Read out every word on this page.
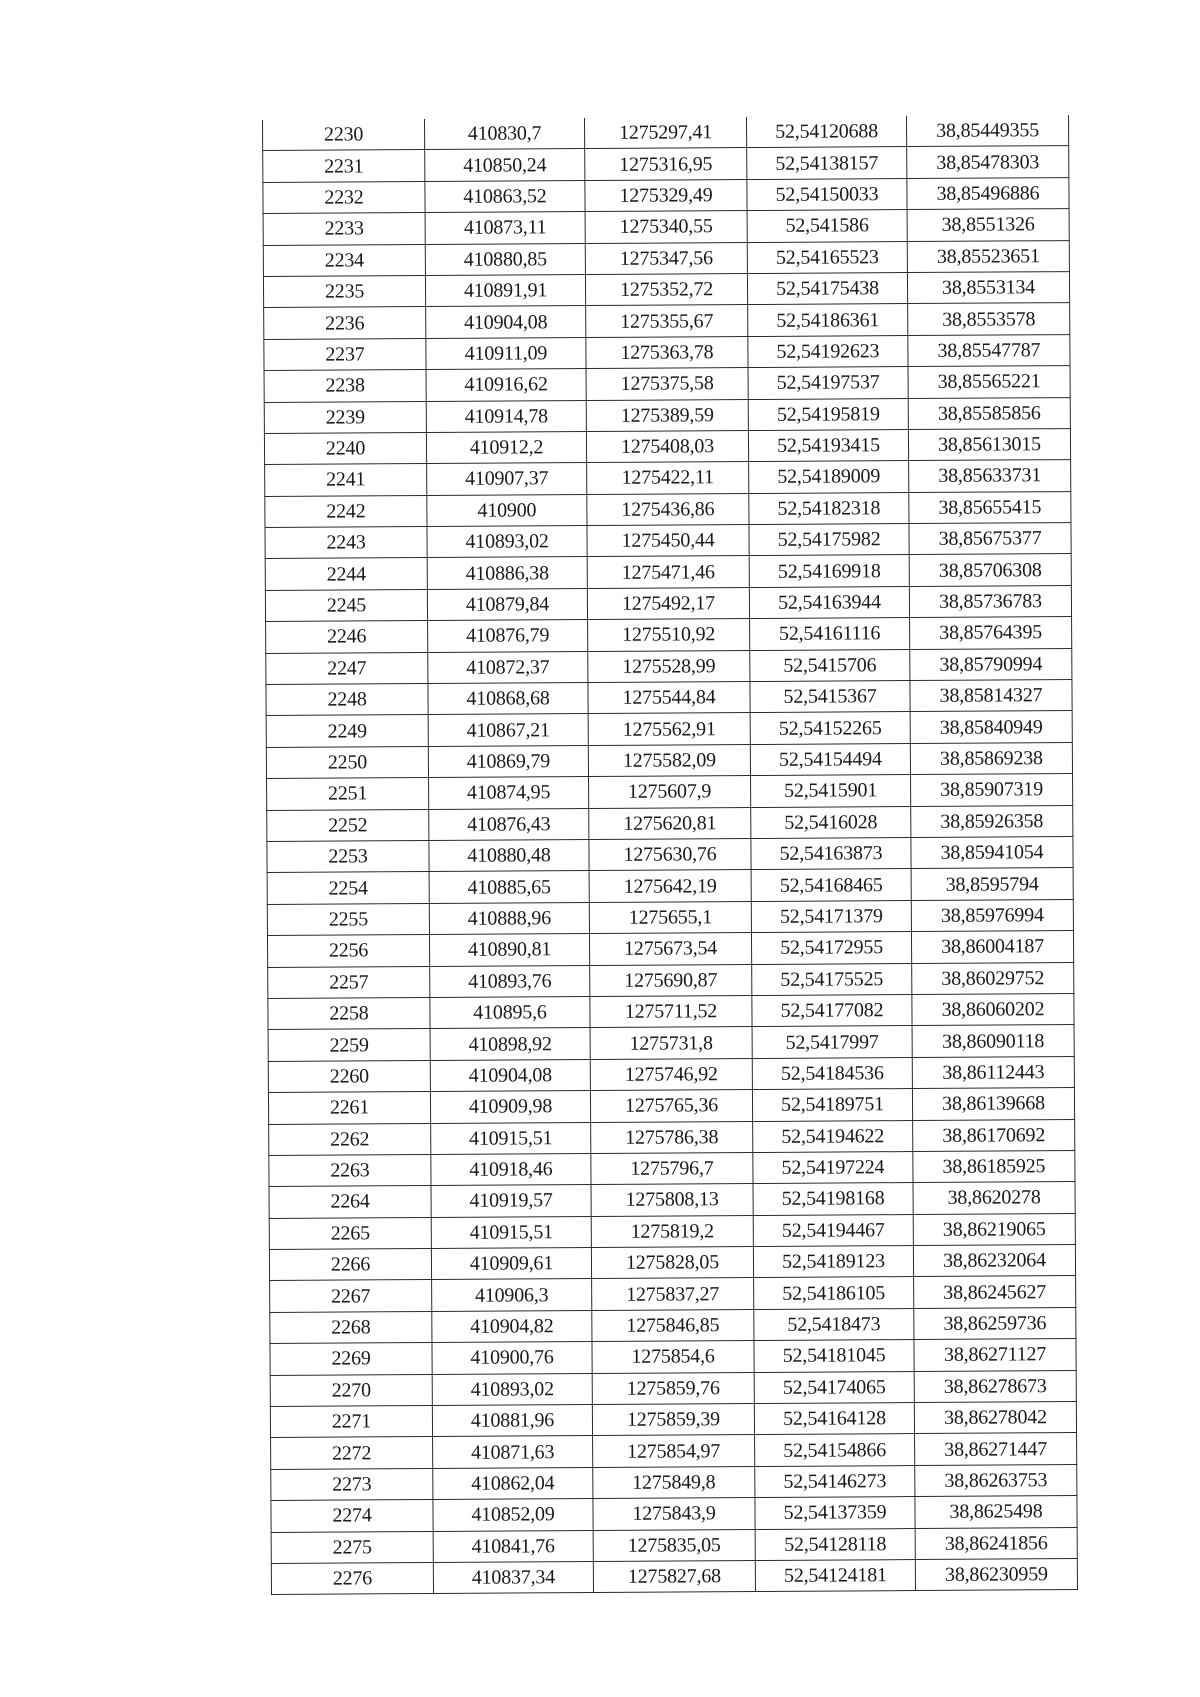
2230	410830,7	1275297,41	52,54120688	38,85449355
2231	410850,24	1275316,95	52,54138157	38,85478303
2232	410863,52	1275329,49	52,54150033	38,85496886
2233	410873,11	1275340,55	52,541586	38,8551326
2234	410880,85	1275347,56	52,54165523	38,85523651
2235	410891,91	1275352,72	52,54175438	38,8553134
2236	410904,08	1275355,67	52,54186361	38,8553578
2237	410911,09	1275363,78	52,54192623	38,85547787
2238	410916,62	1275375,58	52,54197537	38,85565221
2239	410914,78	1275389,59	52,54195819	38,85585856
2240	410912,2	1275408,03	52,54193415	38,85613015
2241	410907,37	1275422,11	52,54189009	38,85633731
2242	410900	1275436,86	52,54182318	38,85655415
2243	410893,02	1275450,44	52,54175982	38,85675377
2244	410886,38	1275471,46	52,54169918	38,85706308
2245	410879,84	1275492,17	52,54163944	38,85736783
2246	410876,79	1275510,92	52,54161116	38,85764395
2247	410872,37	1275528,99	52,5415706	38,85790994
2248	410868,68	1275544,84	52,5415367	38,85814327
2249	410867,21	1275562,91	52,54152265	38,85840949
2250	410869,79	1275582,09	52,54154494	38,85869238
2251	410874,95	1275607,9	52,5415901	38,85907319
2252	410876,43	1275620,81	52,5416028	38,85926358
2253	410880,48	1275630,76	52,54163873	38,85941054
2254	410885,65	1275642,19	52,54168465	38,8595794
2255	410888,96	1275655,1	52,54171379	38,85976994
2256	410890,81	1275673,54	52,54172955	38,86004187
2257	410893,76	1275690,87	52,54175525	38,86029752
2258	410895,6	1275711,52	52,54177082	38,86060202
2259	410898,92	1275731,8	52,5417997	38,86090118
2260	410904,08	1275746,92	52,54184536	38,86112443
2261	410909,98	1275765,36	52,54189751	38,86139668
2262	410915,51	1275786,38	52,54194622	38,86170692
2263	410918,46	1275796,7	52,54197224	38,86185925
2264	410919,57	1275808,13	52,54198168	38,8620278
2265	410915,51	1275819,2	52,54194467	38,86219065
2266	410909,61	1275828,05	52,54189123	38,86232064
2267	410906,3	1275837,27	52,54186105	38,86245627
2268	410904,82	1275846,85	52,5418473	38,86259736
2269	410900,76	1275854,6	52,54181045	38,86271127
2270	410893,02	1275859,76	52,54174065	38,86278673
2271	410881,96	1275859,39	52,54164128	38,86278042
2272	410871,63	1275854,97	52,54154866	38,86271447
2273	410862,04	1275849,8	52,54146273	38,86263753
2274	410852,09	1275843,9	52,54137359	38,8625498
2275	410841,76	1275835,05	52,54128118	38,86241856
2276	410837,34	1275827,68	52,54124181	38,86230959
